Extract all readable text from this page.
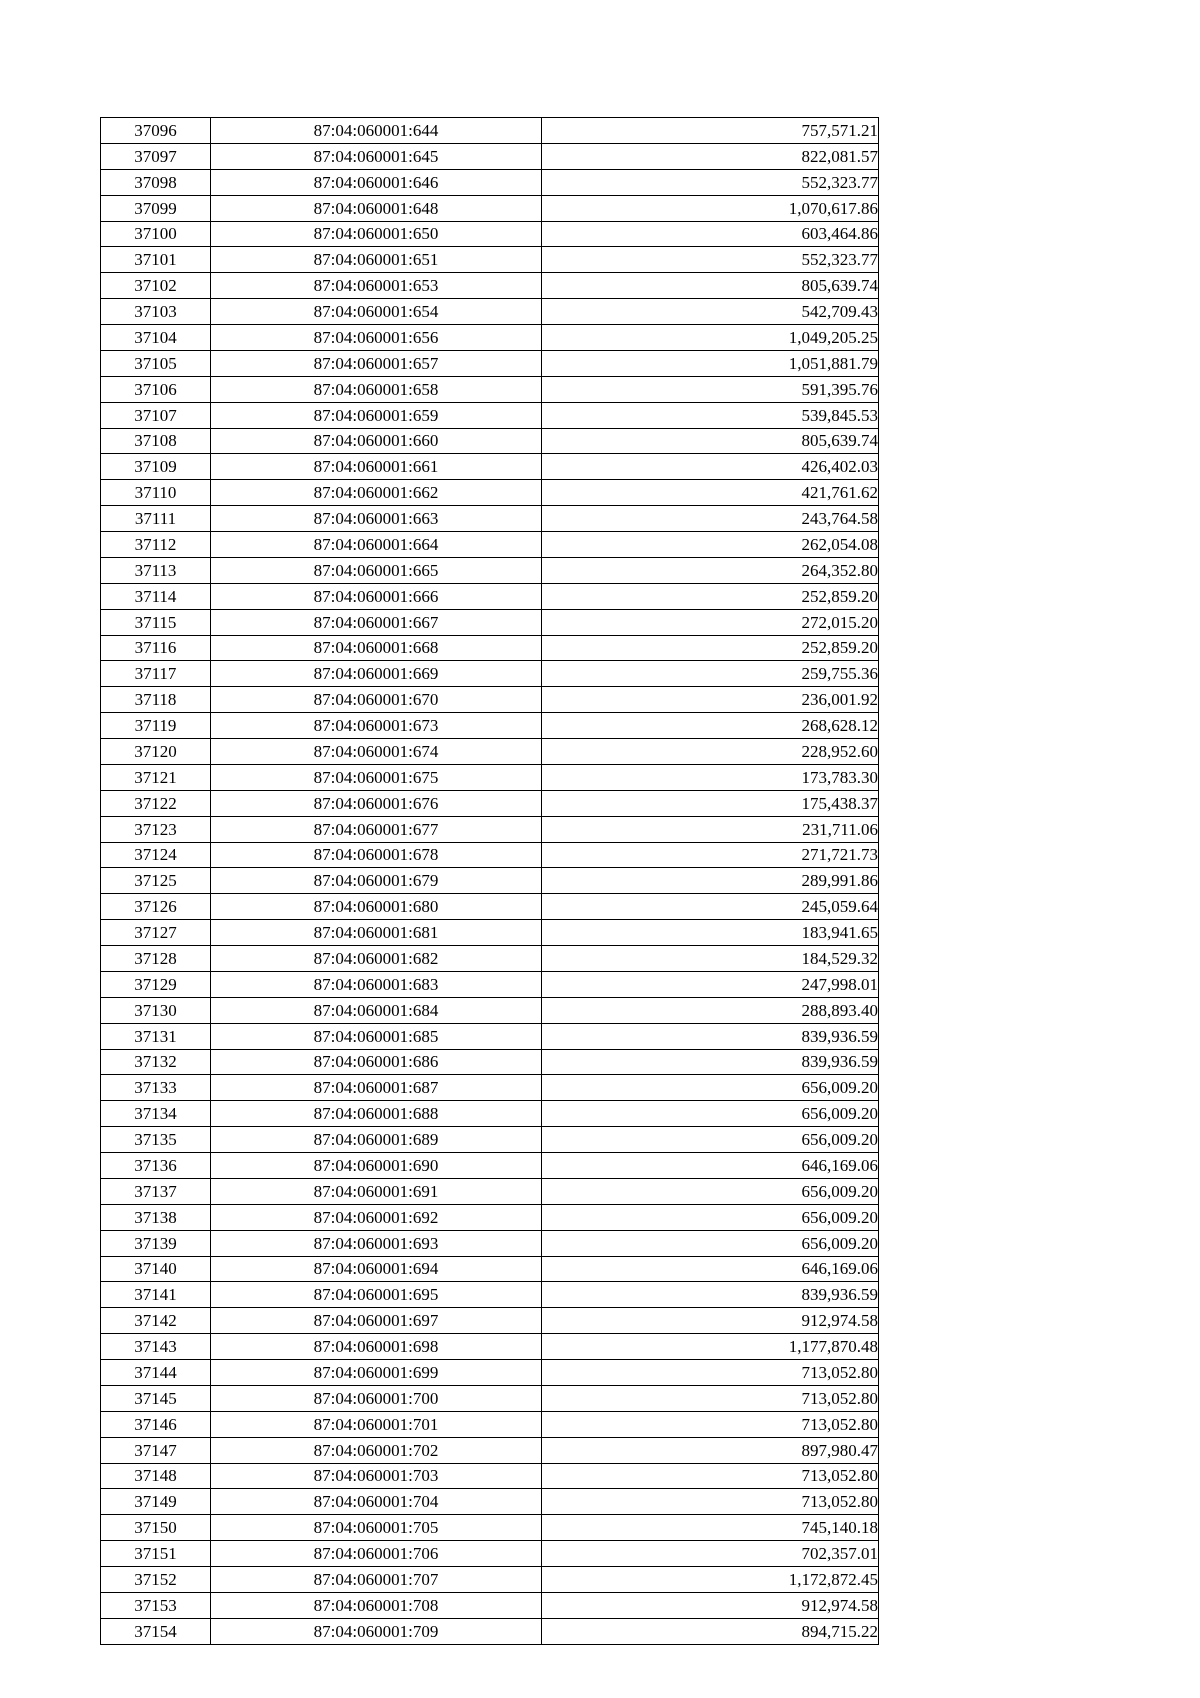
37096	87:04:060001:644	757,571.21
37097	87:04:060001:645	822,081.57
37098	87:04:060001:646	552,323.77
37099	87:04:060001:648	1,070,617.86
37100	87:04:060001:650	603,464.86
37101	87:04:060001:651	552,323.77
37102	87:04:060001:653	805,639.74
37103	87:04:060001:654	542,709.43
37104	87:04:060001:656	1,049,205.25
37105	87:04:060001:657	1,051,881.79
37106	87:04:060001:658	591,395.76
37107	87:04:060001:659	539,845.53
37108	87:04:060001:660	805,639.74
37109	87:04:060001:661	426,402.03
37110	87:04:060001:662	421,761.62
37111	87:04:060001:663	243,764.58
37112	87:04:060001:664	262,054.08
37113	87:04:060001:665	264,352.80
37114	87:04:060001:666	252,859.20
37115	87:04:060001:667	272,015.20
37116	87:04:060001:668	252,859.20
37117	87:04:060001:669	259,755.36
37118	87:04:060001:670	236,001.92
37119	87:04:060001:673	268,628.12
37120	87:04:060001:674	228,952.60
37121	87:04:060001:675	173,783.30
37122	87:04:060001:676	175,438.37
37123	87:04:060001:677	231,711.06
37124	87:04:060001:678	271,721.73
37125	87:04:060001:679	289,991.86
37126	87:04:060001:680	245,059.64
37127	87:04:060001:681	183,941.65
37128	87:04:060001:682	184,529.32
37129	87:04:060001:683	247,998.01
37130	87:04:060001:684	288,893.40
37131	87:04:060001:685	839,936.59
37132	87:04:060001:686	839,936.59
37133	87:04:060001:687	656,009.20
37134	87:04:060001:688	656,009.20
37135	87:04:060001:689	656,009.20
37136	87:04:060001:690	646,169.06
37137	87:04:060001:691	656,009.20
37138	87:04:060001:692	656,009.20
37139	87:04:060001:693	656,009.20
37140	87:04:060001:694	646,169.06
37141	87:04:060001:695	839,936.59
37142	87:04:060001:697	912,974.58
37143	87:04:060001:698	1,177,870.48
37144	87:04:060001:699	713,052.80
37145	87:04:060001:700	713,052.80
37146	87:04:060001:701	713,052.80
37147	87:04:060001:702	897,980.47
37148	87:04:060001:703	713,052.80
37149	87:04:060001:704	713,052.80
37150	87:04:060001:705	745,140.18
37151	87:04:060001:706	702,357.01
37152	87:04:060001:707	1,172,872.45
37153	87:04:060001:708	912,974.58
37154	87:04:060001:709	894,715.22
